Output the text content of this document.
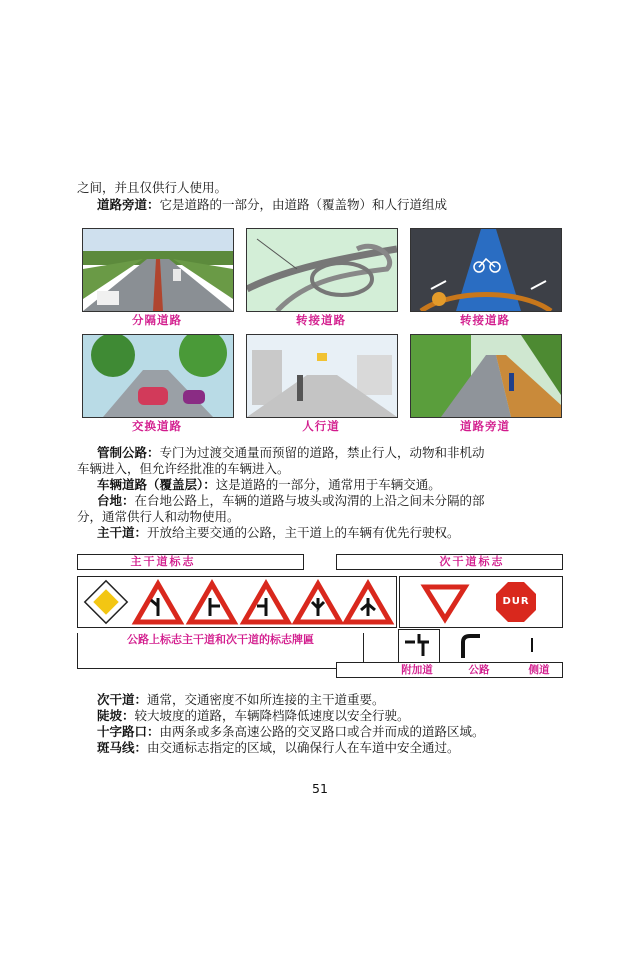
之间，并且仅供行人使用。
道路旁道：它是道路的一部分，由道路（覆盖物）和人行道组成
分隔道路	转接道路	转接道路
交换道路	人行道	道路旁道
管制公路：专门为过渡交通量而预留的道路，禁止行人，动物和非机动
车辆进入，但允许经批准的车辆进入。
车辆道路（覆盖层）：这是道路的一部分，通常用于车辆交通。
台地：在台地公路上，车辆的道路与坡头或沟渭的上沿之间未分隔的部
分，通常供行人和动物使用。
主干道：开放给主要交通的公路，主干道上的车辆有优先行驶权。
主干道标志	次干道标志
DUR
公路上标志主干道和次干道的标志牌匾
附加道	公路	侧道
次干道：通常，交通密度不如所连接的主干道重要。
陡坡：较大坡度的道路，车辆降档降低速度以安全行驶。
十字路口：由两条或多条高速公路的交叉路口或合并而成的道路区域。
斑马线：由交通标志指定的区域，以确保行人在车道中安全通过。
51
